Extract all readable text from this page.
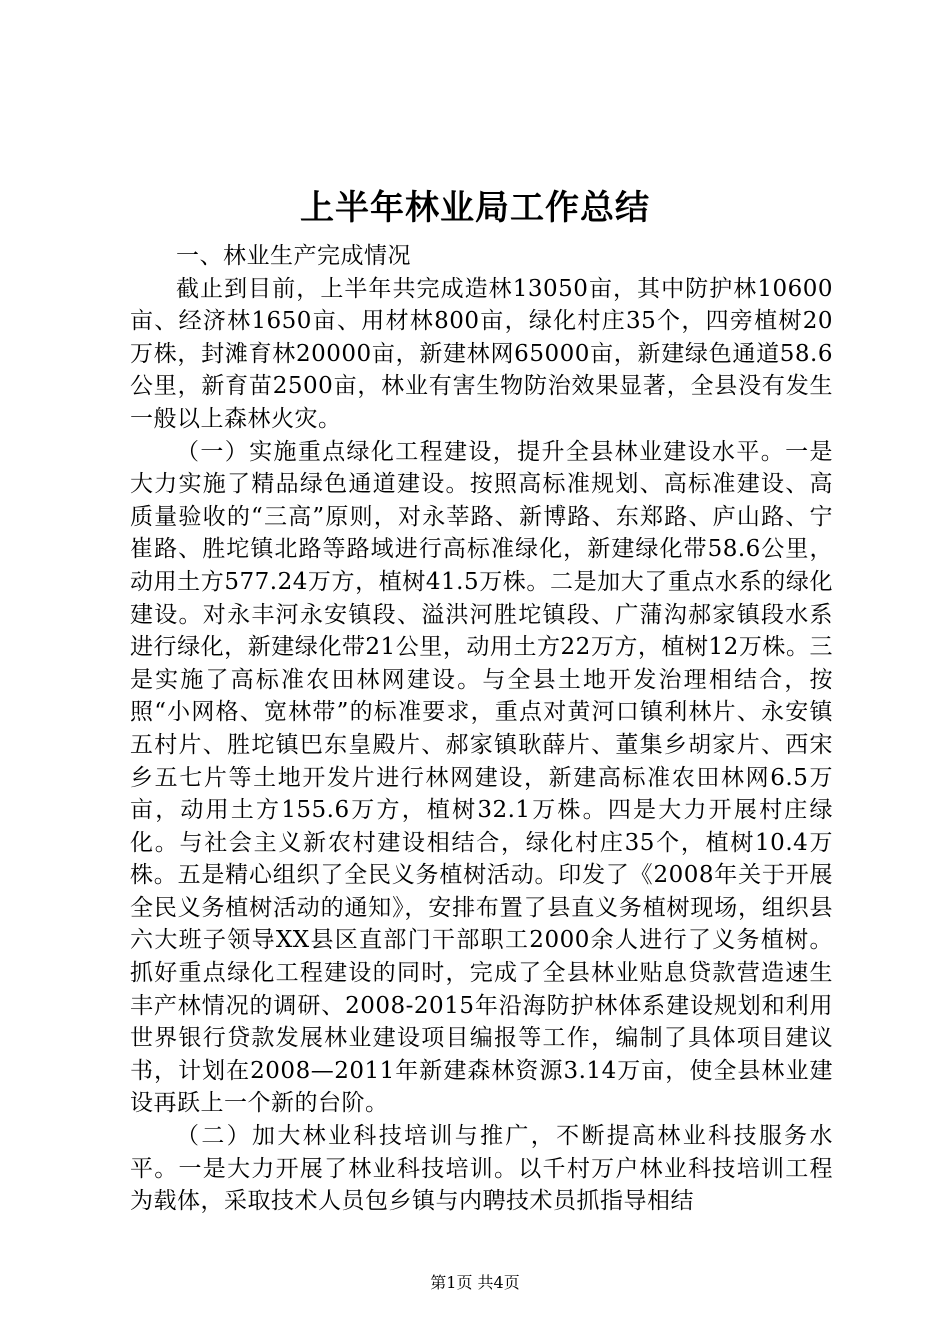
上半年林业局工作总结

一、林业生产完成情况

截止到目前，上半年共完成造林13050亩，其中防护林10600亩、经济林1650亩、用材林800亩，绿化村庄35个，四旁植树20万株，封滩育林20000亩，新建林网65000亩，新建绿色通道58.6公里，新育苗2500亩，林业有害生物防治效果显著，全县没有发生一般以上森林火灾。

（一）实施重点绿化工程建设，提升全县林业建设水平。一是大力实施了精品绿色通道建设。按照高标准规划、高标准建设、高质量验收的“三高”原则，对永莘路、新博路、东郑路、庐山路、宁崔路、胜坨镇北路等路域进行高标准绿化，新建绿化带58.6公里，动用土方577.24万方，植树41.5万株。二是加大了重点水系的绿化建设。对永丰河永安镇段、溢洪河胜坨镇段、广蒲沟郝家镇段水系进行绿化，新建绿化带21公里，动用土方22万方，植树12万株。三是实施了高标准农田林网建设。与全县土地开发治理相结合，按照“小网格、宽林带”的标准要求，重点对黄河口镇利林片、永安镇五村片、胜坨镇巴东皇殿片、郝家镇耿薛片、董集乡胡家片、西宋乡五七片等土地开发片进行林网建设，新建高标准农田林网6.5万亩，动用土方155.6万方，植树32.1万株。四是大力开展村庄绿化。与社会主义新农村建设相结合，绿化村庄35个，植树10.4万株。五是精心组织了全民义务植树活动。印发了《2008年关于开展全民义务植树活动的通知》，安排布置了县直义务植树现场，组织县六大班子领导XX县区直部门干部职工2000余人进行了义务植树。抓好重点绿化工程建设的同时，完成了全县林业贴息贷款营造速生丰产林情况的调研、2008-2015年沿海防护林体系建设规划和利用世界银行贷款发展林业建设项目编报等工作，编制了具体项目建议书，计划在2008—2011年新建森林资源3.14万亩，使全县林业建设再跃上一个新的台阶。

（二）加大林业科技培训与推广，不断提高林业科技服务水平。一是大力开展了林业科技培训。以千村万户林业科技培训工程为载体，采取技术人员包乡镇与内聘技术员抓指导相结

第1页 共4页
